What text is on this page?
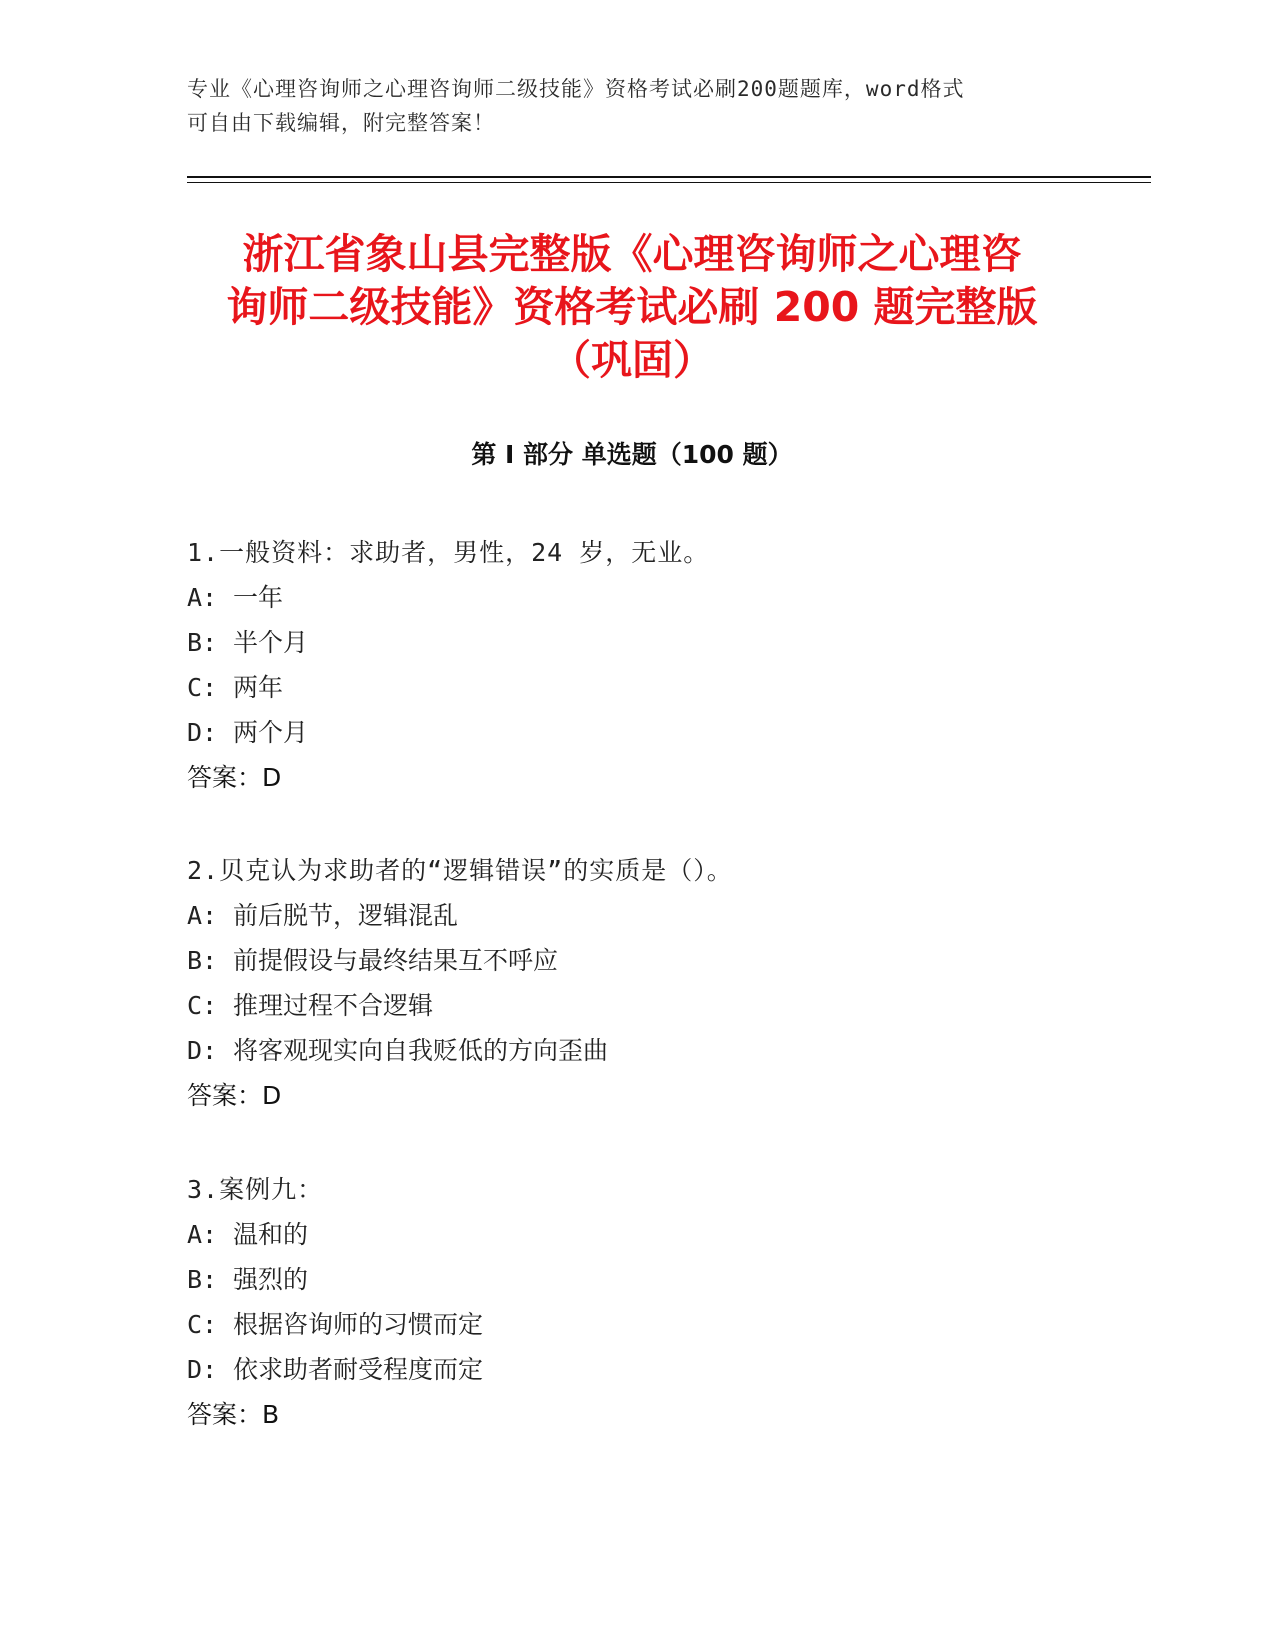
专业《心理咨询师之心理咨询师二级技能》资格考试必刷200题题库，word格式
可自由下载编辑，附完整答案！
浙江省象山县完整版《心理咨询师之心理咨
询师二级技能》资格考试必刷 200 题完整版
（巩固）
第 I 部分 单选题（100 题）
1.一般资料：求助者，男性，24 岁，无业。
A: 一年
B: 半个月
C: 两年
D: 两个月
答案：D
2.贝克认为求助者的“逻辑错误”的实质是（）。
A: 前后脱节，逻辑混乱
B: 前提假设与最终结果互不呼应
C: 推理过程不合逻辑
D: 将客观现实向自我贬低的方向歪曲
答案：D
3.案例九：
A: 温和的
B: 强烈的
C: 根据咨询师的习惯而定
D: 依求助者耐受程度而定
答案：B
